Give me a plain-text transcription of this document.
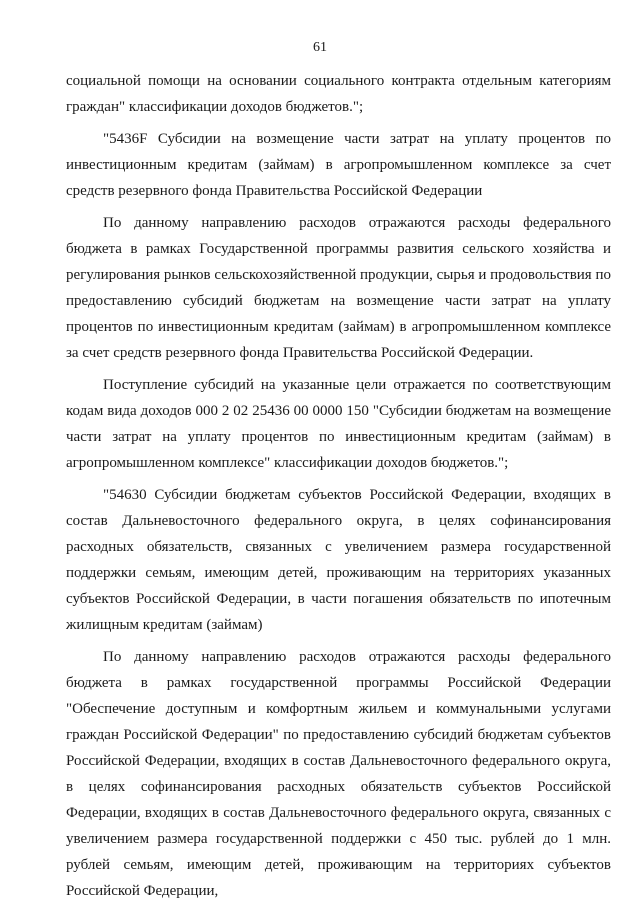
61

социальной помощи на основании социального контракта отдельным категориям граждан" классификации доходов бюджетов.";

"5436F Субсидии на возмещение части затрат на уплату процентов по инвестиционным кредитам (займам) в агропромышленном комплексе за счет средств резервного фонда Правительства Российской Федерации

По данному направлению расходов отражаются расходы федерального бюджета в рамках Государственной программы развития сельского хозяйства и регулирования рынков сельскохозяйственной продукции, сырья и продовольствия по предоставлению субсидий бюджетам на возмещение части затрат на уплату процентов по инвестиционным кредитам (займам) в агропромышленном комплексе за счет средств резервного фонда Правительства Российской Федерации.

Поступление субсидий на указанные цели отражается по соответствующим кодам вида доходов 000 2 02 25436 00 0000 150 "Субсидии бюджетам на возмещение части затрат на уплату процентов по инвестиционным кредитам (займам) в агропромышленном комплексе" классификации доходов бюджетов.";

"54630 Субсидии бюджетам субъектов Российской Федерации, входящих в состав Дальневосточного федерального округа, в целях софинансирования расходных обязательств, связанных с увеличением размера государственной поддержки семьям, имеющим детей, проживающим на территориях указанных субъектов Российской Федерации, в части погашения обязательств по ипотечным жилищным кредитам (займам)

По данному направлению расходов отражаются расходы федерального бюджета в рамках государственной программы Российской Федерации "Обеспечение доступным и комфортным жильем и коммунальными услугами граждан Российской Федерации" по предоставлению субсидий бюджетам субъектов Российской Федерации, входящих в состав Дальневосточного федерального округа, в целях софинансирования расходных обязательств субъектов Российской Федерации, входящих в состав Дальневосточного федерального округа, связанных с увеличением размера государственной поддержки с 450 тыс. рублей до 1 млн. рублей семьям, имеющим детей, проживающим на территориях субъектов Российской Федерации,
